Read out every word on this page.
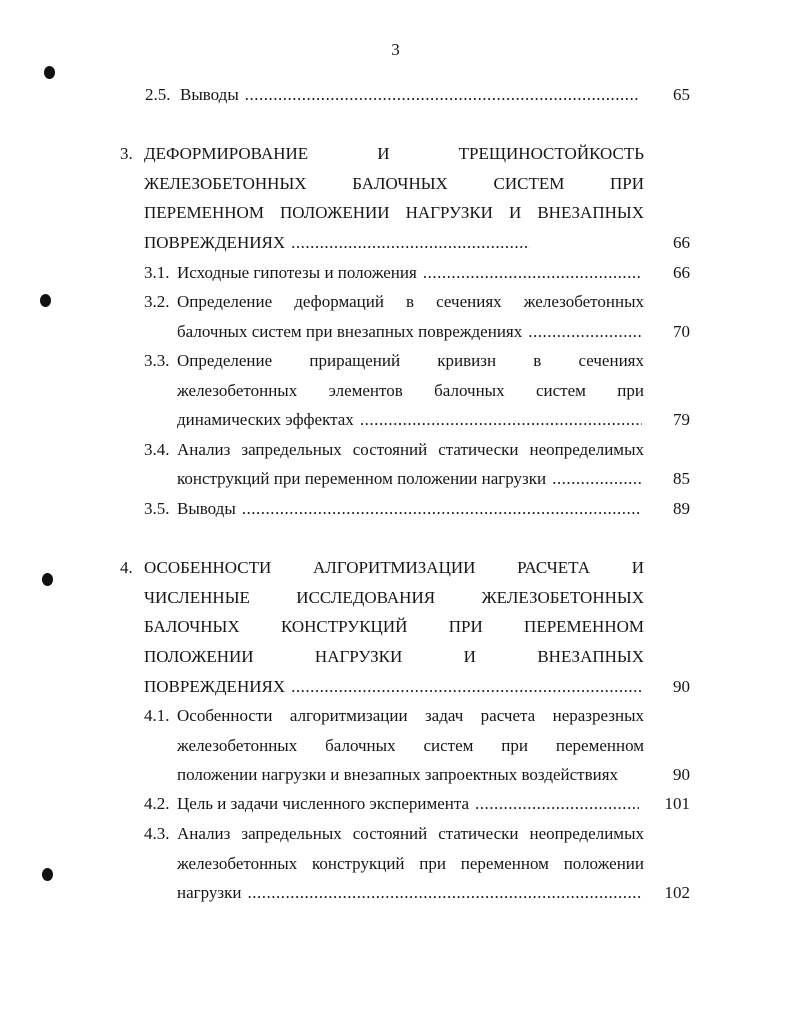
3
2.5. Выводы .....	65
3. ДЕФОРМИРОВАНИЕ И ТРЕЩИНОСТОЙКОСТЬ
ЖЕЛЕЗОБЕТОННЫХ БАЛОЧНЫХ СИСТЕМ ПРИ
ПЕРЕМЕННОМ ПОЛОЖЕНИИ НАГРУЗКИ И ВНЕЗАПНЫХ
ПОВРЕЖДЕНИЯХ .....	66
3.1. Исходные гипотезы и положения .....	66
3.2. Определение деформаций в сечениях железобетонных
балочных систем при внезапных повреждениях .....	70
3.3. Определение приращений кривизн в сечениях
железобетонных элементов балочных систем при
динамических эффектах .....	79
3.4. Анализ запредельных состояний статически неопределимых
конструкций при переменном положении нагрузки .....	85
3.5. Выводы .....	89
4. ОСОБЕННОСТИ АЛГОРИТМИЗАЦИИ РАСЧЕТА И
ЧИСЛЕННЫЕ ИССЛЕДОВАНИЯ ЖЕЛЕЗОБЕТОННЫХ
БАЛОЧНЫХ КОНСТРУКЦИЙ ПРИ ПЕРЕМЕННОМ
ПОЛОЖЕНИИ НАГРУЗКИ И ВНЕЗАПНЫХ
ПОВРЕЖДЕНИЯХ .....	90
4.1. Особенности алгоритмизации задач расчета неразрезных
железобетонных балочных систем при переменном
положении нагрузки и внезапных запроектных воздействиях	90
4.2. Цель и задачи численного эксперимента .....	101
4.3. Анализ запредельных состояний статически неопределимых
железобетонных конструкций при переменном положении
нагрузки .....	102
